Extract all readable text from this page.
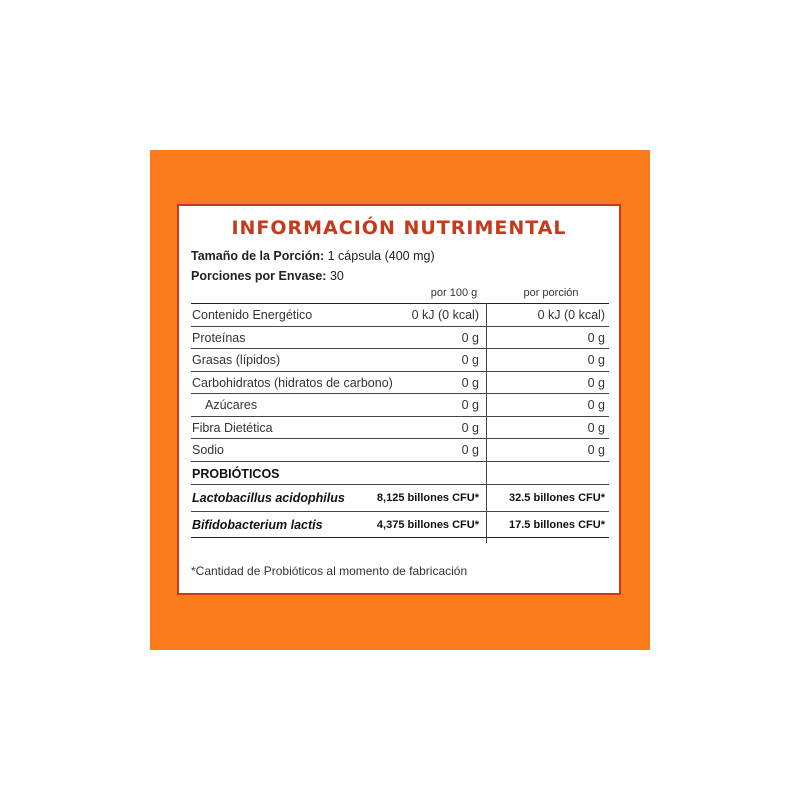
INFORMACIÓN NUTRIMENTAL
Tamaño de la Porción: 1 cápsula (400 mg)
Porciones por Envase: 30
por 100 g	por porción
Contenido Energético	0 kJ (0 kcal)	0 kJ (0 kcal)
Proteínas	0 g	0 g
Grasas (lípidos)	0 g	0 g
Carbohidratos (hidratos de carbono)	0 g	0 g
Azúcares	0 g	0 g
Fibra Dietética	0 g	0 g
Sodio	0 g	0 g
PROBIÓTICOS
Lactobacillus acidophilus	8,125 billones CFU*	32.5 billones CFU*
Bifidobacterium lactis	4,375 billones CFU*	17.5 billones CFU*
*Cantidad de Probióticos al momento de fabricación
